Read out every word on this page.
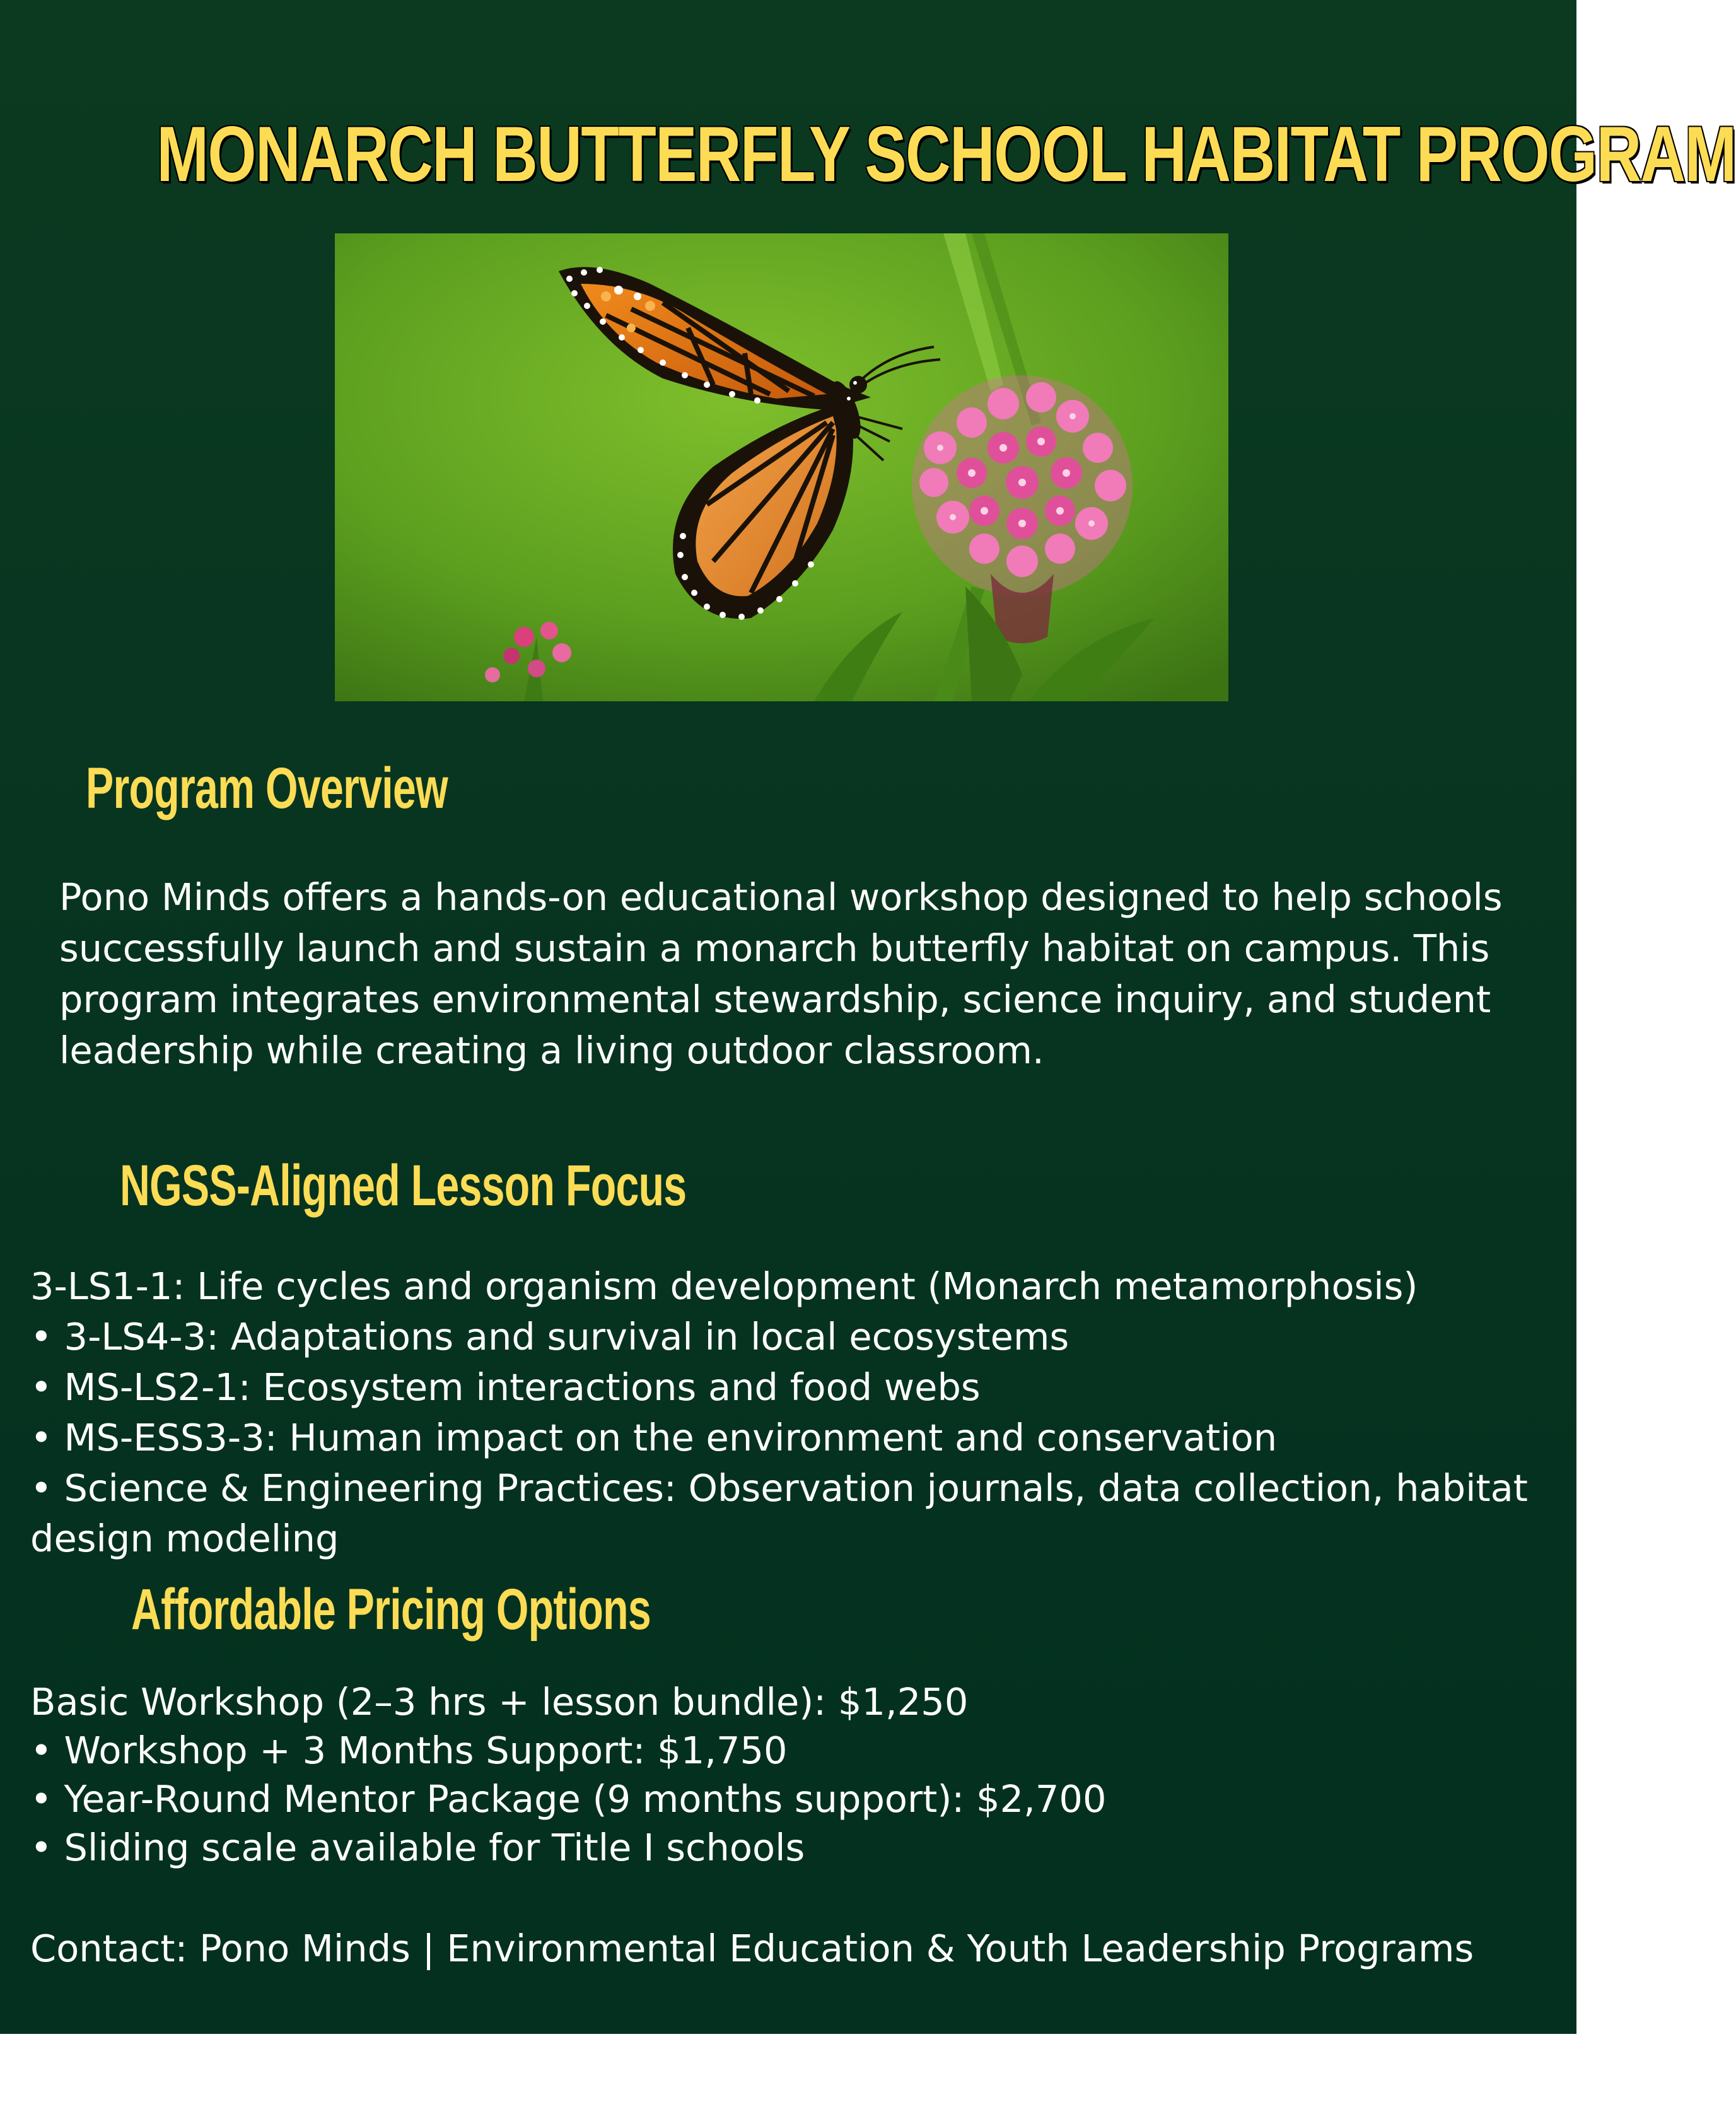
MONARCH BUTTERFLY SCHOOL HABITAT PROGRAM
Program Overview

Pono Minds offers a hands-on educational workshop designed to help schools successfully launch and sustain a monarch butterfly habitat on campus. This program integrates environmental stewardship, science inquiry, and student leadership while creating a living outdoor classroom.

NGSS-Aligned Lesson Focus
3-LS1-1: Life cycles and organism development (Monarch metamorphosis)
• 3-LS4-3: Adaptations and survival in local ecosystems
• MS-LS2-1: Ecosystem interactions and food webs
• MS-ESS3-3: Human impact on the environment and conservation
• Science & Engineering Practices: Observation journals, data collection, habitat design modeling
Affordable Pricing Options
Basic Workshop (2–3 hrs + lesson bundle): $1,250
• Workshop + 3 Months Support: $1,750
• Year-Round Mentor Package (9 months support): $2,700
• Sliding scale available for Title I schools

Contact: Pono Minds | Environmental Education & Youth Leadership Programs
